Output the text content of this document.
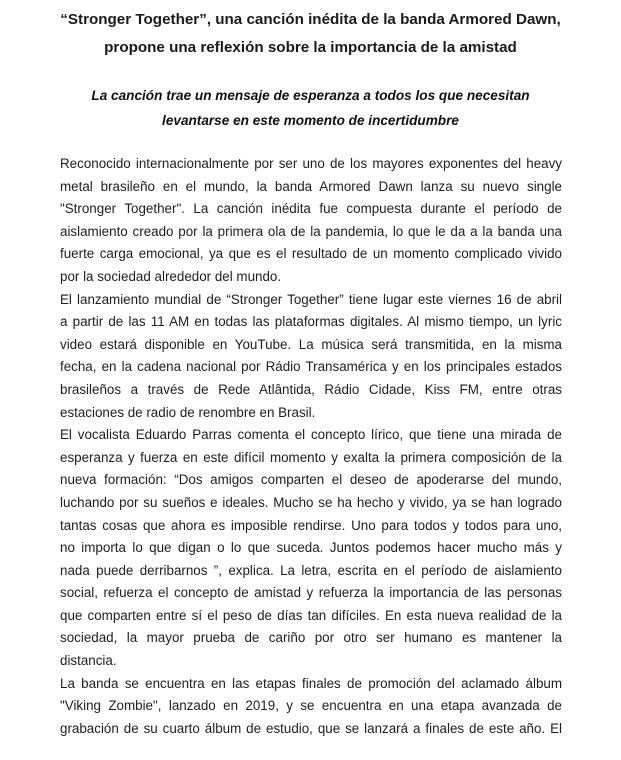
“Stronger Together”, una canción inédita de la banda Armored Dawn,
propone una reflexión sobre la importancia de la amistad
La canción trae un mensaje de esperanza a todos los que necesitan
levantarse en este momento de incertidumbre
Reconocido internacionalmente por ser uno de los mayores exponentes del heavy
metal brasileño en el mundo, la banda Armored Dawn lanza su nuevo single
"Stronger Together". La canción inédita fue compuesta durante el período de
aislamiento creado por la primera ola de la pandemia, lo que le da a la banda una
fuerte carga emocional, ya que es el resultado de un momento complicado vivido
por la sociedad alrededor del mundo.
El lanzamiento mundial de “Stronger Together” tiene lugar este viernes 16 de abril
a partir de las 11 AM en todas las plataformas digitales. Al mismo tiempo, un lyric
video estará disponible en YouTube. La música será transmitida, en la misma
fecha, en la cadena nacional por Rádio Transamérica y en los principales estados
brasileños a través de Rede Atlântida, Rádio Cidade, Kiss FM, entre otras
estaciones de radio de renombre en Brasil.
El vocalista Eduardo Parras comenta el concepto lírico, que tiene una mirada de
esperanza y fuerza en este difícil momento y exalta la primera composición de la
nueva formación: “Dos amigos comparten el deseo de apoderarse del mundo,
luchando por su sueños e ideales. Mucho se ha hecho y vivido, ya se han logrado
tantas cosas que ahora es imposible rendirse. Uno para todos y todos para uno,
no importa lo que digan o lo que suceda. Juntos podemos hacer mucho más y
nada puede derribarnos ”, explica. La letra, escrita en el período de aislamiento
social, refuerza el concepto de amistad y refuerza la importancia de las personas
que comparten entre sí el peso de días tan difíciles. En esta nueva realidad de la
sociedad, la mayor prueba de cariño por otro ser humano es mantener la
distancia.
La banda se encuentra en las etapas finales de promoción del aclamado álbum
"Viking Zombie", lanzado en 2019, y se encuentra en una etapa avanzada de
grabación de su cuarto álbum de estudio, que se lanzará a finales de este año. El
